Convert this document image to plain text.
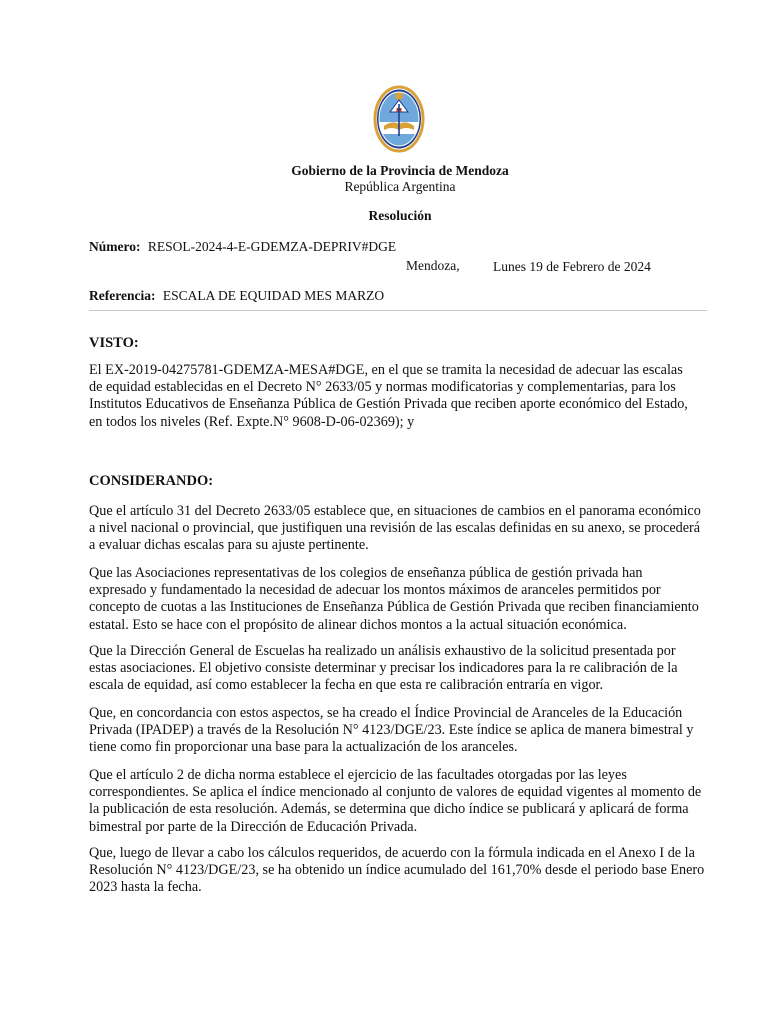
Gobierno de la Provincia de Mendoza
República Argentina
Resolución
Número: RESOL-2024-4-E-GDEMZA-DEPRIV#DGE
Mendoza, Lunes 19 de Febrero de 2024
Referencia: ESCALA DE EQUIDAD MES MARZO
VISTO:
El EX-2019-04275781-GDEMZA-MESA#DGE, en el que se tramita la necesidad de adecuar las escalas
de equidad establecidas en el Decreto N° 2633/05 y normas modificatorias y complementarias, para los
Institutos Educativos de Enseñanza Pública de Gestión Privada que reciben aporte económico del Estado,
en todos los niveles (Ref. Expte.N° 9608-D-06-02369); y
CONSIDERANDO:
Que el artículo 31 del Decreto 2633/05 establece que, en situaciones de cambios en el panorama económico
a nivel nacional o provincial, que justifiquen una revisión de las escalas definidas en su anexo, se procederá
a evaluar dichas escalas para su ajuste pertinente.
Que las Asociaciones representativas de los colegios de enseñanza pública de gestión privada han
expresado y fundamentado la necesidad de adecuar los montos máximos de aranceles permitidos por
concepto de cuotas a las Instituciones de Enseñanza Pública de Gestión Privada que reciben financiamiento
estatal. Esto se hace con el propósito de alinear dichos montos a la actual situación económica.
Que la Dirección General de Escuelas ha realizado un análisis exhaustivo de la solicitud presentada por
estas asociaciones. El objetivo consiste determinar y precisar los indicadores para la re calibración de la
escala de equidad, así como establecer la fecha en que esta re calibración entraría en vigor.
Que, en concordancia con estos aspectos, se ha creado el Índice Provincial de Aranceles de la Educación
Privada (IPADEP) a través de la Resolución N° 4123/DGE/23. Este índice se aplica de manera bimestral y
tiene como fin proporcionar una base para la actualización de los aranceles.
Que el artículo 2 de dicha norma establece el ejercicio de las facultades otorgadas por las leyes
correspondientes. Se aplica el índice mencionado al conjunto de valores de equidad vigentes al momento de
la publicación de esta resolución. Además, se determina que dicho índice se publicará y aplicará de forma
bimestral por parte de la Dirección de Educación Privada.
Que, luego de llevar a cabo los cálculos requeridos, de acuerdo con la fórmula indicada en el Anexo I de la
Resolución N° 4123/DGE/23, se ha obtenido un índice acumulado del 161,70% desde el periodo base Enero
2023 hasta la fecha.
